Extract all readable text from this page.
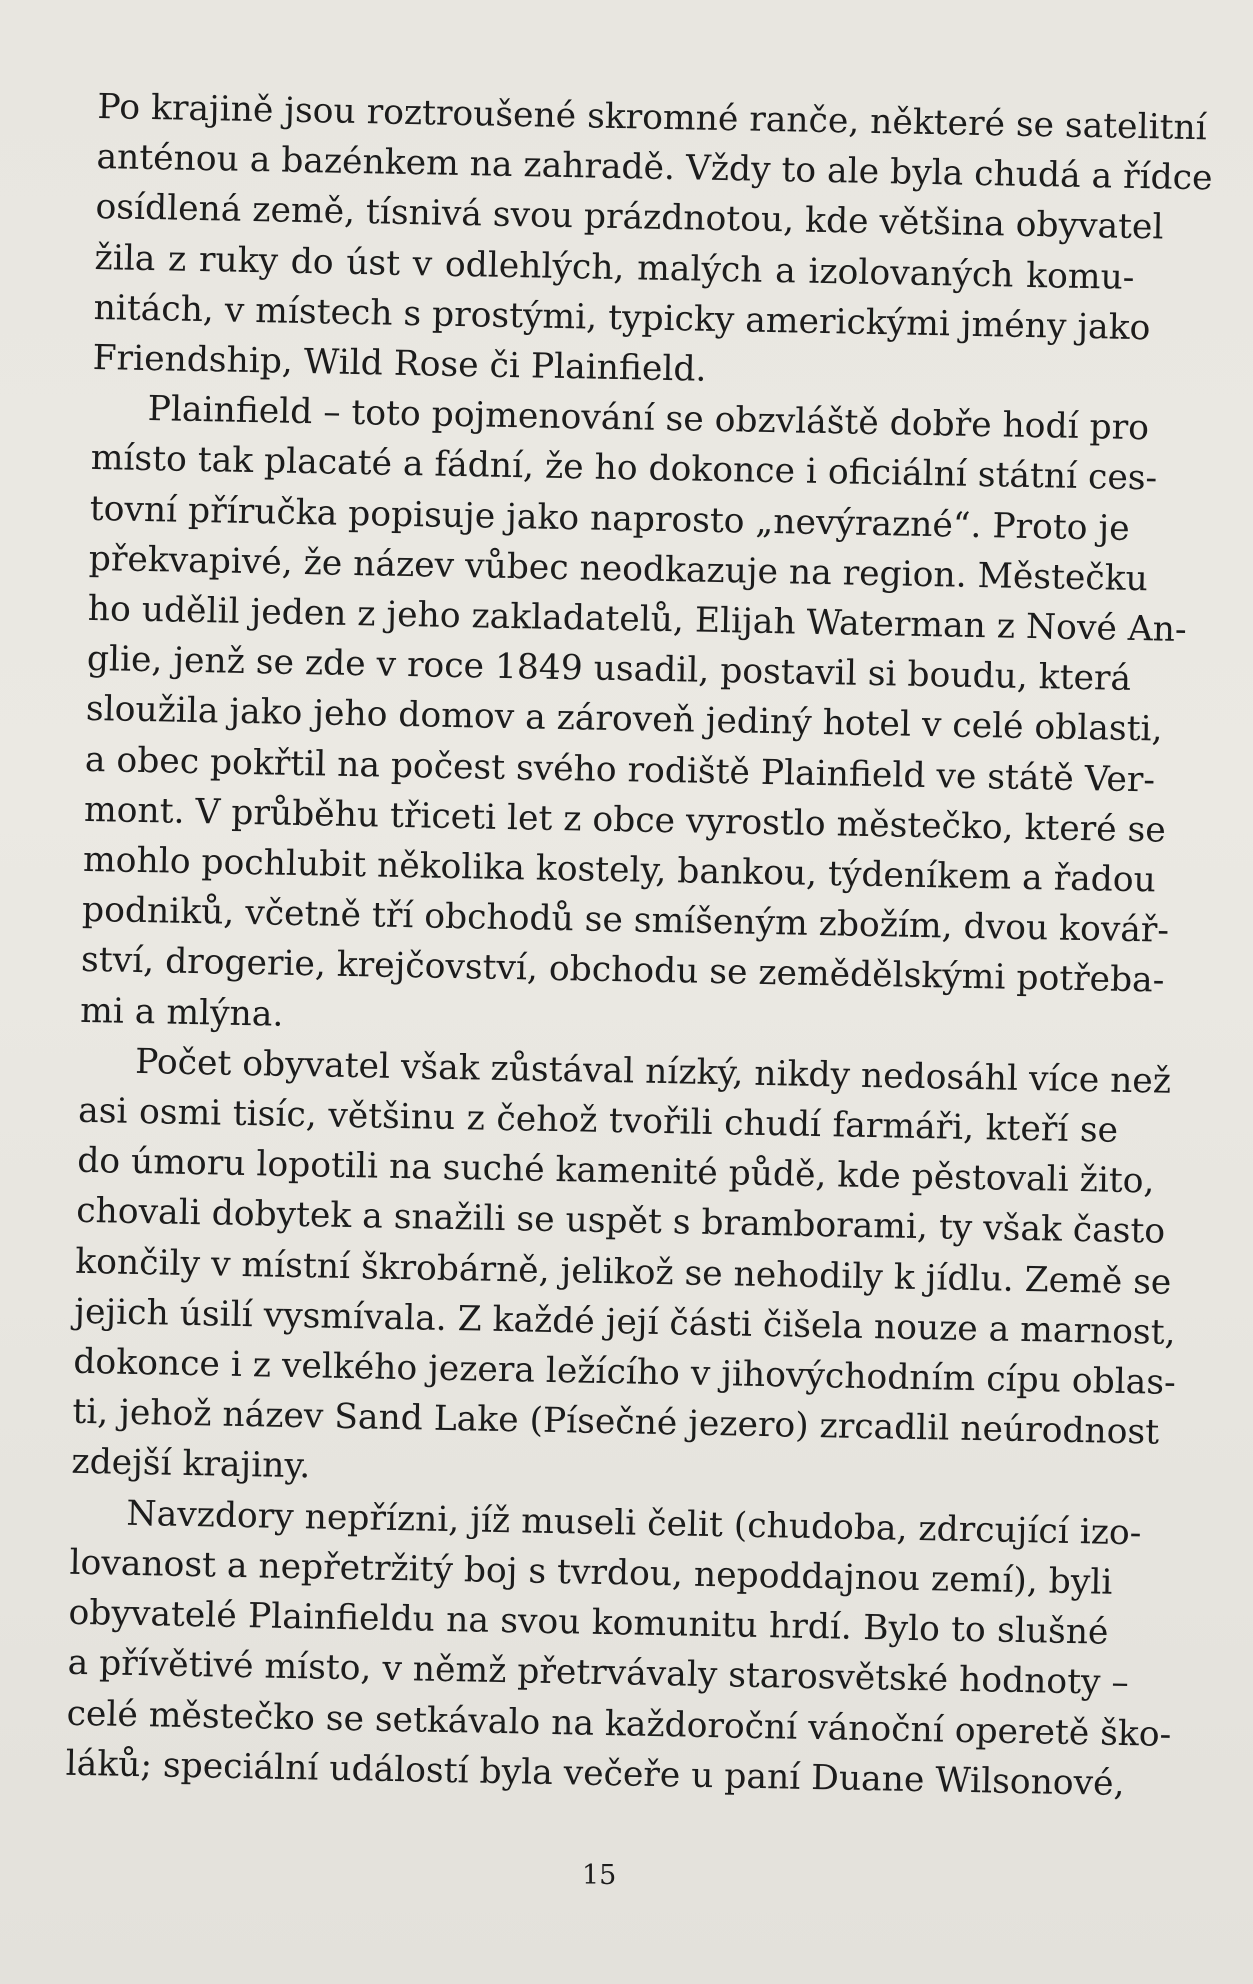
Po krajině jsou roztroušené skromné ranče, některé se satelitní
anténou a bazénkem na zahradě. Vždy to ale byla chudá a řídce
osídlená země, tísnivá svou prázdnotou, kde většina obyvatel
žila z ruky do úst v odlehlých, malých a izolovaných komu-
nitách, v místech s prostými, typicky americkými jmény jako
Friendship, Wild Rose či Plainfield.
Plainfield – toto pojmenování se obzvláště dobře hodí pro
místo tak placaté a fádní, že ho dokonce i oficiální státní ces-
tovní příručka popisuje jako naprosto „nevýrazné“. Proto je
překvapivé, že název vůbec neodkazuje na region. Městečku
ho udělil jeden z jeho zakladatelů, Elijah Waterman z Nové An-
glie, jenž se zde v roce 1849 usadil, postavil si boudu, která
sloužila jako jeho domov a zároveň jediný hotel v celé oblasti,
a obec pokřtil na počest svého rodiště Plainfield ve státě Ver-
mont. V průběhu třiceti let z obce vyrostlo městečko, které se
mohlo pochlubit několika kostely, bankou, týdeníkem a řadou
podniků, včetně tří obchodů se smíšeným zbožím, dvou kovář-
ství, drogerie, krejčovství, obchodu se zemědělskými potřeba-
mi a mlýna.
Počet obyvatel však zůstával nízký, nikdy nedosáhl více než
asi osmi tisíc, většinu z čehož tvořili chudí farmáři, kteří se
do úmoru lopotili na suché kamenité půdě, kde pěstovali žito,
chovali dobytek a snažili se uspět s bramborami, ty však často
končily v místní škrobárně, jelikož se nehodily k jídlu. Země se
jejich úsilí vysmívala. Z každé její části čišela nouze a marnost,
dokonce i z velkého jezera ležícího v jihovýchodním cípu oblas-
ti, jehož název Sand Lake (Písečné jezero) zrcadlil neúrodnost
zdejší krajiny.
Navzdory nepřízni, jíž museli čelit (chudoba, zdrcující izo-
lovanost a nepřetržitý boj s tvrdou, nepoddajnou zemí), byli
obyvatelé Plainfieldu na svou komunitu hrdí. Bylo to slušné
a přívětivé místo, v němž přetrvávaly starosvětské hodnoty –
celé městečko se setkávalo na každoroční vánoční operetě ško-
láků; speciální událostí byla večeře u paní Duane Wilsonové,
15
